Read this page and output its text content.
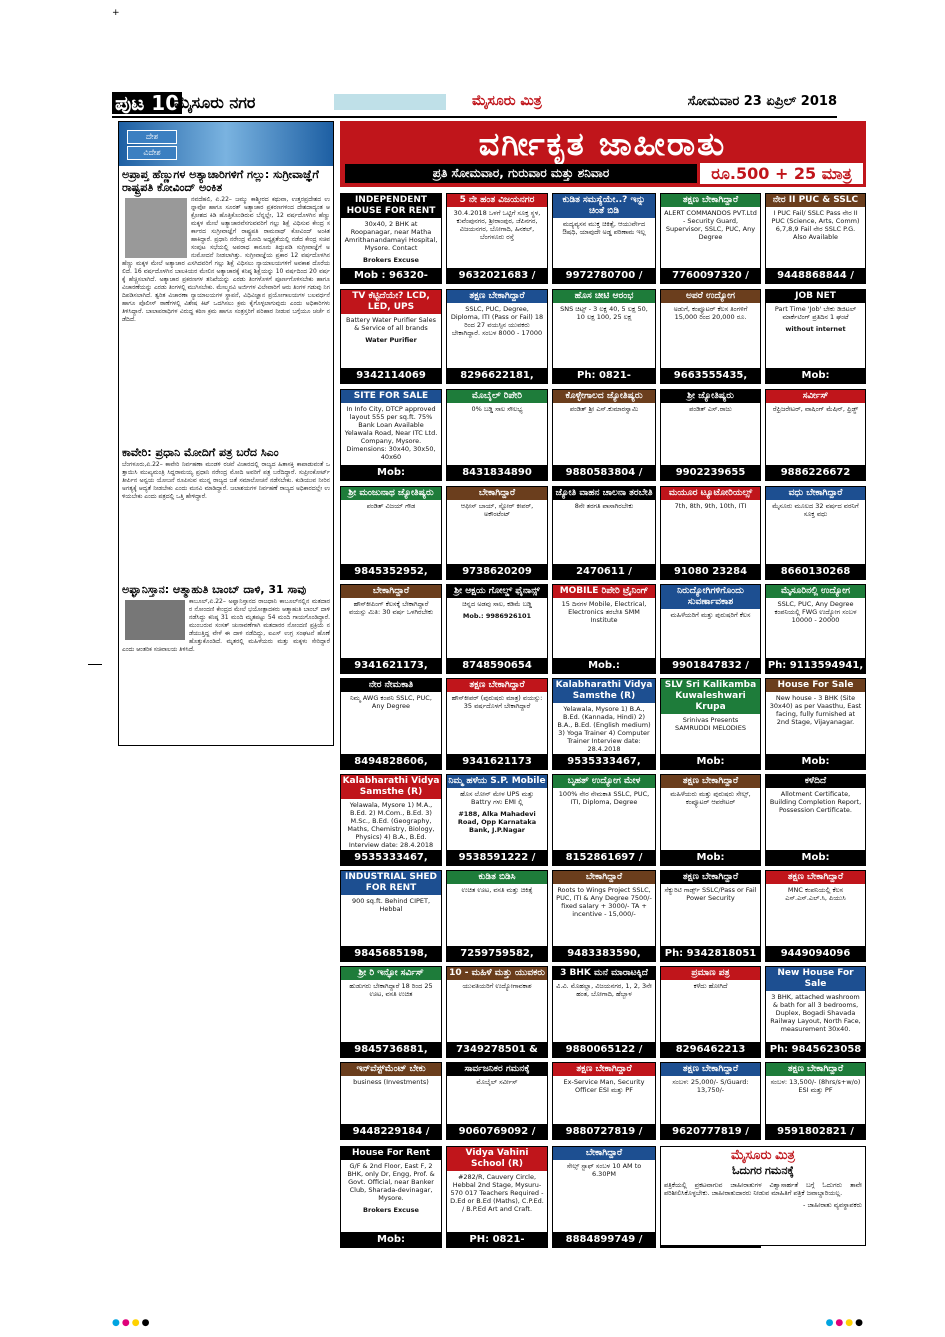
+
ಪುಟ 10
ಮೈಸೂರು ನಗರ	ಮೈಸೂರು ಮಿತ್ರ	ಸೋಮವಾರ 23 ಏಪ್ರಿಲ್ 2018
ದೇಶ
ವಿದೇಶ
ಅಪ್ರಾಪ್ತ ಹೆಣ್ಣುಗಳ ಅತ್ಯಾಚಾರಿಗಳಿಗೆ ಗಲ್ಲು: ಸುಗ್ರೀವಾಜ್ಞೆಗೆ ರಾಷ್ಟ್ರಪತಿ ಕೋವಿಂದ್ ಅಂಕಿತ
ನವದೆಹಲಿ, ಏ.22– ಜಮ್ಮು ಕಾಶ್ಮೀರದ ಕಥುವಾ, ಉತ್ತರಪ್ರದೇಶದ ಉನ್ನಾವೋ ಹಾಗೂ ಸೂರತ್ ಅತ್ಯಾಚಾರ ಪ್ರಕರಣಗಳಿಂದ ದೇಶದಾದ್ಯಂತ ಆಕ್ರೋಶದ ಕಿಡಿ ಹೊತ್ತಿಕೊಂಡಿರುವ ಬೆನ್ನಲ್ಲೇ, 12 ವರ್ಷದೊಳಗಿನ ಹೆಣ್ಣು ಮಕ್ಕಳ ಮೇಲೆ ಅತ್ಯಾಚಾರವೆಸಗುವವರಿಗೆ ಗಲ್ಲು ಶಿಕ್ಷೆ ವಿಧಿಸುವ ಕೇಂದ್ರ ಸರ್ಕಾರದ ಸುಗ್ರೀವಾಜ್ಞೆಗೆ ರಾಷ್ಟ್ರಪತಿ ರಾಮನಾಥ್ ಕೋವಿಂದ್ ಅಂಕಿತ ಹಾಕಿದ್ದಾರೆ. ಪ್ರಧಾನಿ ನರೇಂದ್ರ ಮೋದಿ ಅಧ್ಯಕ್ಷತೆಯಲ್ಲಿ ನಡೆದ ಕೇಂದ್ರ ಸಚಿವ ಸಂಪುಟ ಸಭೆಯಲ್ಲಿ ಅಪರಾಧ ಕಾನೂನು ತಿದ್ದುಪಡಿ ಸುಗ್ರೀವಾಜ್ಞೆಗೆ ಅನುಮೋದನೆ ನೀಡಲಾಗಿತ್ತು. ಸುಗ್ರೀವಾಜ್ಞೆಯ ಪ್ರಕಾರ 12 ವರ್ಷದೊಳಗಿನ ಹೆಣ್ಣು ಮಕ್ಕಳ ಮೇಲೆ ಅತ್ಯಾಚಾರ ಎಸಗಿದವರಿಗೆ ಗಲ್ಲು ಶಿಕ್ಷೆ ವಿಧಿಸಲು ನ್ಯಾಯಾಲಯಗಳಿಗೆ ಅವಕಾಶ ದೊರೆಯಲಿದೆ. 16 ವರ್ಷದೊಳಗಿನ ಬಾಲಕಿಯರ ಮೇಲಿನ ಅತ್ಯಾಚಾರಕ್ಕೆ ಕನಿಷ್ಠ ಶಿಕ್ಷೆಯನ್ನು 10 ವರ್ಷದಿಂದ 20 ವರ್ಷಕ್ಕೆ ಹೆಚ್ಚಿಸಲಾಗಿದೆ. ಅತ್ಯಾಚಾರ ಪ್ರಕರಣಗಳ ತನಿಖೆಯನ್ನು ಎರಡು ತಿಂಗಳೊಳಗೆ ಪೂರ್ಣಗೊಳಿಸಬೇಕು ಹಾಗೂ ವಿಚಾರಣೆಯನ್ನು ಎರಡು ತಿಂಗಳಲ್ಲಿ ಮುಗಿಸಬೇಕು. ಮೇಲ್ಮನವಿ ಅರ್ಜಿಗಳ ವಿಲೇವಾರಿಗೆ ಆರು ತಿಂಗಳ ಗಡುವು ನಿಗದಿಪಡಿಸಲಾಗಿದೆ. ತ್ವರಿತ ವಿಚಾರಣಾ ನ್ಯಾಯಾಲಯಗಳ ಸ್ಥಾಪನೆ, ವಿಧಿವಿಜ್ಞಾನ ಪ್ರಯೋಗಾಲಯಗಳ ಬಲವರ್ಧನೆ ಹಾಗೂ ಪೊಲೀಸ್ ಠಾಣೆಗಳಲ್ಲಿ ವಿಶೇಷ ಕಿಟ್ ಒದಗಿಸಲು ಕ್ರಮ ಕೈಗೊಳ್ಳಲಾಗುವುದು ಎಂದು ಅಧಿಕಾರಿಗಳು ತಿಳಿಸಿದ್ದಾರೆ. ಬಾಲಾಪರಾಧಿಗಳ ವಿರುದ್ಧ ಕಠಿಣ ಕ್ರಮ ಹಾಗೂ ಸಂತ್ರಸ್ತರಿಗೆ ಪರಿಹಾರ ನೀಡುವ ಬಗ್ಗೆಯೂ ಚರ್ಚೆ ನಡೆದಿದೆ.
ಕಾವೇರಿ: ಪ್ರಧಾನಿ ಮೋದಿಗೆ ಪತ್ರ ಬರೆದ ಸಿಎಂ
ಬೆಂಗಳೂರು,ಏ.22– ಕಾವೇರಿ ನಿರ್ವಹಣಾ ಮಂಡಳಿ ರಚನೆ ವಿಚಾರದಲ್ಲಿ ರಾಜ್ಯದ ಹಿತಾಸಕ್ತಿ ಕಾಪಾಡುವಂತೆ ಒತ್ತಾಯಿಸಿ ಮುಖ್ಯಮಂತ್ರಿ ಸಿದ್ದರಾಮಯ್ಯ ಪ್ರಧಾನಿ ನರೇಂದ್ರ ಮೋದಿ ಅವರಿಗೆ ಪತ್ರ ಬರೆದಿದ್ದಾರೆ. ಸುಪ್ರೀಂಕೋರ್ಟ್ ತೀರ್ಪಿನ ಅನ್ವಯ ಯೋಜನೆ ರೂಪಿಸುವ ಮುನ್ನ ರಾಜ್ಯದ ಜತೆ ಸಮಾಲೋಚನೆ ನಡೆಸಬೇಕು. ಕುಡಿಯುವ ನೀರಿನ ಅಗತ್ಯಕ್ಕೆ ಆದ್ಯತೆ ನೀಡಬೇಕು ಎಂದು ಮನವಿ ಮಾಡಿದ್ದಾರೆ. ಜಲಾಶಯಗಳ ನಿರ್ವಹಣೆ ರಾಜ್ಯದ ಅಧಿಕಾರದಲ್ಲೇ ಉಳಿಯಬೇಕು ಎಂದು ಪತ್ರದಲ್ಲಿ ಒತ್ತಿ ಹೇಳಿದ್ದಾರೆ.
ಅಫ್ಘಾನಿಸ್ತಾನ: ಆತ್ಮಾಹುತಿ ಬಾಂಬ್ ದಾಳಿ, 31 ಸಾವು
ಕಾಬೂಲ್,ಏ.22– ಅಫ್ಘಾನಿಸ್ತಾನದ ರಾಜಧಾನಿ ಕಾಬೂಲ್‌ನಲ್ಲಿನ ಮತದಾರರ ನೋಂದಣಿ ಕೇಂದ್ರದ ಮೇಲೆ ಭಯೋತ್ಪಾದಕರು ಆತ್ಮಾಹುತಿ ಬಾಂಬ್ ದಾಳಿ ನಡೆಸಿದ್ದು ಕನಿಷ್ಠ 31 ಮಂದಿ ಮೃತಪಟ್ಟು 54 ಮಂದಿ ಗಾಯಗೊಂಡಿದ್ದಾರೆ. ಮುಂಬರುವ ಸಂಸತ್ ಚುನಾವಣೆಗಾಗಿ ಮತದಾರರ ನೋಂದಣಿ ಪ್ರಕ್ರಿಯೆ ನಡೆಯುತ್ತಿದ್ದ ವೇಳೆ ಈ ದಾಳಿ ನಡೆದಿದ್ದು, ಐಎಸ್ ಉಗ್ರ ಸಂಘಟನೆ ಹೊಣೆ ಹೊತ್ತುಕೊಂಡಿದೆ. ಮೃತರಲ್ಲಿ ಮಹಿಳೆಯರು ಮತ್ತು ಮಕ್ಕಳು ಸೇರಿದ್ದಾರೆ ಎಂದು ಆಂತರಿಕ ಸಚಿವಾಲಯ ತಿಳಿಸಿದೆ.
ವರ್ಗೀಕೃತ ಜಾಹೀರಾತು
ಪ್ರತಿ ಸೋಮವಾರ, ಗುರುವಾರ ಮತ್ತು ಶನಿವಾರ	ರೂ.500 + 25 ಮಾತ್ರ
INDEPENDENT HOUSE FOR RENT
30x40, 2 BHK at Roopanagar, near Matha Amrithanandamayi Hospital, Mysore. Contact
Brokers Excuse
Mob : 96320-
5 ನೇ ಹಂತ ವಿಜಯನಗರ
30.4.2018 ಒಳಗೆ ಒಟ್ಟಿಗೆ ಸೂಕ್ತ ಸ್ಥಳ, ಕುವೆಂಪುನಗರ, ಶ್ರೀರಾಂಪುರ, ಜೆಪಿನಗರ, ವಿಜಯನಗರ, ಬೋಗಾದಿ, ಹಿನಕಲ್, ಬೆಂಗಳೂರು ರಸ್ತೆ
9632021683 /
ಕುಡಿತ ಸಮಸ್ಯೆಯೇ..? ಇನ್ನು ಚಿಂತೆ ಬಿಡಿ
ಮದ್ಯವ್ಯಸನ ಮುಕ್ತ ಚಿಕಿತ್ಸೆ, ಆಯುರ್ವೇದ ಔಷಧಿ, ಯಾವುದೇ ಅಡ್ಡ ಪರಿಣಾಮ ಇಲ್ಲ
9972780700 /
ತಕ್ಷಣ ಬೇಕಾಗಿದ್ದಾರೆ
ALERT COMMANDOS PVT.Ltd - Security Guard, Supervisor, SSLC, PUC, Any Degree
7760097320 /
ನೇರ II PUC & SSLC
I PUC Fail/ SSLC Pass ನೇರ II PUC (Science, Arts, Comm) 6,7,8,9 Fail ನೇರ SSLC P.G. Also Available
9448868844 /
TV ಕೆಟ್ಟಿದೆಯೇ? LCD, LED, UPS
Battery Water Purifier Sales & Service of all brands
Water Purifier
9342114069
ತಕ್ಷಣ ಬೇಕಾಗಿದ್ದಾರೆ
SSLC, PUC, Degree, Diploma, ITI (Pass or Fail) 18 ರಿಂದ 27 ವಯಸ್ಸಿನ ಯುವಕರು ಬೇಕಾಗಿದ್ದಾರೆ. ಸಂಬಳ 8000 - 17000
8296622181,
ಹೊಸ ಚೀಟಿ ಆರಂಭ
SNS ಚಿಟ್ಸ್ - 3 ಲಕ್ಷ 40, 5 ಲಕ್ಷ 50, 10 ಲಕ್ಷ 100, 25 ಲಕ್ಷ
Ph: 0821-
ಅಪರೆ ಉದ್ಯೋಗ
ಅಡುಗೆ, ಕಂಪ್ಯೂಟರ್ ಕೆಲಸ ತಿಂಗಳಿಗೆ 15,000 ರಿಂದ 20,000 ರೂ.
9663555435,
JOB NET
Part Time 'Job' ಬೇಕು ಡಿಜಿಟಲ್ ಮಾರ್ಕೆಟಿಂಗ್ ಪ್ರತಿದಿನ 1 ಘಂಟೆ
without internet
Mob:
SITE FOR SALE
In Info City, DTCP approved layout 555 per sq.ft. 75% Bank Loan Available Yelawala Road, Near ITC Ltd. Company, Mysore. Dimensions: 30x40, 30x50, 40x60
Mob:
ಮೊಬೈಲ್ ರಿಪೇರಿ
0% ಬಡ್ಡಿ ಸಾಲ ಸೌಲಭ್ಯ
8431834890
ಕೊಳ್ಳೇಗಾಲದ ಜ್ಯೋತಿಷ್ಯರು
ಪಂಡಿತ್ ಶ್ರೀ ಎಸ್.ಕುಮಾರಸ್ವಾಮಿ
9880583804 /
ಶ್ರೀ ಜ್ಯೋತಿಷ್ಯರು
ಪಂಡಿತ್ ಎಸ್.ರಾಜು
9902239655
ಸರ್ವೀಸ್
ರೆಫ್ರಿಜರೇಟರ್, ವಾಷಿಂಗ್ ಮೆಷಿನ್, ಫ್ರಿಡ್ಜ್
9886226672
ಶ್ರೀ ಮಂಜುನಾಥ ಜ್ಯೋತಿಷ್ಯರು
ಪಂಡಿತ್ ವಿಜಯ್ ಗೌಡ
9845352952,
ಬೇಕಾಗಿದ್ದಾರೆ
ಆಫೀಸ್ ಬಾಯ್, ಸ್ಟೋರ್ ಕೀಪರ್, ಅಕೌಂಟೆಂಟ್
9738620209
ಜ್ಯೋತಿ ವಾಹನ ಚಾಲನಾ ತರಬೇತಿ
8ನೇ ತರಗತಿ ಪಾಸಾಗಿರಬೇಕು
2470611 /
ಮಯೂರ ಟ್ಯೂಟೋರಿಯಲ್ಸ್
7th, 8th, 9th, 10th, ITI
91080 23284
ವಧು ಬೇಕಾಗಿದ್ದಾರೆ
ಮೈಸೂರು ಮೂಲದ 32 ವರ್ಷದ ವರನಿಗೆ ಸೂಕ್ತ ವಧು
8660130268
ಬೇಕಾಗಿದ್ದಾರೆ
ಹೌಸ್‌ಕೀಪಿಂಗ್ ಕೆಲಸಕ್ಕೆ ಬೇಕಾಗಿದ್ದಾರೆ ವಯಸ್ಸು ಮಿತಿ: 30 ವರ್ಷ ಒಳಗಿರಬೇಕು
9341621173,
ಶ್ರೀ ಆಕ್ಷಯ ಗೋಲ್ಡ್ ಫೈನಾನ್ಸ್
ಚಿನ್ನದ ಅಡವು ಸಾಲ, ಕಡಿಮೆ ಬಡ್ಡಿ
Mob.: 9986926101
8748590654
MOBILE ರಿಪೇರಿ ಟ್ರೈನಿಂಗ್
15 ದಿನಗಳ Mobile, Electrical, Electronics ತರಬೇತಿ SMM Institute
Mob.:
ನಿರುದ್ಯೋಗಿಗಳಿಗೊಂದು ಸುವರ್ಣಾವಕಾಶ
ಮಹಿಳೆಯರಿಗೆ ಮತ್ತು ಪುರುಷರಿಗೆ ಕೆಲಸ
9901847832 /
ಮೈಸೂರಿನಲ್ಲಿ ಉದ್ಯೋಗ
SSLC, PUC, Any Degree ಕಂಪನಿಯಲ್ಲಿ FWG ಉದ್ಯೋಗ ಸಂಬಳ 10000 - 20000
Ph: 9113594941,
ನೇರ ನೇಮಕಾತಿ
ನಿಮ್ಮ AWG ಕಂಪನಿ SSLC, PUC, Any Degree
8494828606,
ತಕ್ಷಣ ಬೇಕಾಗಿದ್ದಾರೆ
ಹೌಸ್‌ಕೀಪರ್ (ಪುರುಷರು ಮಾತ್ರ) ವಯಸ್ಸು: 35 ವರ್ಷದೊಳಗೆ ಬೇಕಾಗಿದ್ದಾರೆ
9341621173
Kalabharathi Vidya Samsthe (R)
Yelawala, Mysore 1) B.A., B.Ed. (Kannada, Hindi) 2) B.A., B.Ed. (English medium) 3) Yoga Trainer 4) Computer Trainer Interview date: 28.4.2018
9535333467,
SLV Sri Kalikamba Kuwaleshwari Krupa
Srinivas Presents SAMRUDDI MELODIES
Mob:
House For Sale
New house - 3 BHK (Site 30x40) as per Vaasthu, East facing, fully furnished at 2nd Stage, Vijayanagar.
Mob:
Kalabharathi Vidya Samsthe (R)
Yelawala, Mysore 1) M.A., B.Ed. 2) M.Com., B.Ed. 3) M.Sc., B.Ed. (Geography, Maths, Chemistry, Biology, Physics) 4) B.A., B.Ed. Interview date: 28.4.2018
9535333467,
ನಿಮ್ಮ ಹಳೆಯ S.P. Mobile
ಹೊಸ ಲೋನ್ ಮೇಳ UPS ಮತ್ತು Battry ಗಳು EMI ಲ್ಲಿ
#188, Alka Mahadevi Road, Opp Karnataka Bank, J.P.Nagar
9538591222 /
ಬೃಹತ್ ಉದ್ಯೋಗ ಮೇಳ
100% ನೇರ ನೇಮಕಾತಿ SSLC, PUC, ITI, Diploma, Degree
8152861697 /
ತಕ್ಷಣ ಬೇಕಾಗಿದ್ದಾರೆ
ಮಹಿಳೆಯರು ಮತ್ತು ಪುರುಷರು ಸೇಲ್ಸ್, ಕಂಪ್ಯೂಟರ್ ಆಪರೇಟರ್
Mob:
ಕಳೆದಿದೆ
Allotment Certificate, Building Completion Report, Possession Certificate.
Mob:
INDUSTRIAL SHED FOR RENT
900 sq.ft. Behind CIPET, Hebbal
9845685198,
ಕುಡಿತ ಬಿಡಿಸಿ
ಉಚಿತ ಊಟ, ವಸತಿ ಮತ್ತು ಚಿಕಿತ್ಸೆ
7259759582,
ಬೇಕಾಗಿದ್ದಾರೆ
Roots to Wings Project SSLC, PUC, ITI & Any Degree 7500/- fixed salary + 3000/- TA + incentive - 15,000/-
9483383590,
ತಕ್ಷಣ ಬೇಕಾಗಿದ್ದಾರೆ
ಸೆಕ್ಯುರಿಟಿ ಗಾರ್ಡ್ಸ್ SSLC/Pass or Fail Power Security
Ph: 9342818051
ತಕ್ಷಣ ಬೇಕಾಗಿದ್ದಾರೆ
MNC ಕಂಪನಿಯಲ್ಲಿ ಕೆಲಸ ಎಸ್.ಎಸ್.ಎಲ್.ಸಿ, ಪಿಯುಸಿ
9449094096
ಶ್ರೀ ರಿ ಇನ್ಫೋ ಸರ್ವಿಸ್
ಹುಡುಗರು ಬೇಕಾಗಿದ್ದಾರೆ 18 ರಿಂದ 25 ಊಟ, ವಸತಿ ಉಚಿತ
9845736881,
10 - ಮಹಿಳೆ ಮತ್ತು ಯುವಕರು
ಯುವತಿಯರಿಗೆ ಉದ್ಯೋಗಾವಕಾಶ
7349278501 &
3 BHK ಮನೆ ಮಾರಾಟಕ್ಕಿದೆ
ವಿ.ವಿ. ಮೊಹಲ್ಲಾ, ವಿಜಯನಗರ, 1, 2, 3ನೇ ಹಂತ, ಬೋಗಾದಿ, ಹೆಬ್ಬಾಳ
9880065122 /
ಪ್ರಮಾಣ ಪತ್ರ
ಕಳೆದು ಹೋಗಿದೆ
8296462213
New House For Sale
3 BHK, attached washroom & bath for all 3 bedrooms, Duplex, Bogadi Shavada Railway Layout, North Face, measurement 30x40.
Ph: 9845623058
ಇನ್‌ವೆಸ್ಟ್‌ಮೆಂಟ್ ಬೇಕು
business (Investments)
9448229184 /
ಸಾರ್ವಜನಿಕರ ಗಮನಕ್ಕೆ
ಮೊಬೈಲ್ ಸರ್ವೀಸ್
9060769092 /
ತಕ್ಷಣ ಬೇಕಾಗಿದ್ದಾರೆ
Ex-Service Man, Security Officer ESI ಮತ್ತು PF
9880727819 /
ತಕ್ಷಣ ಬೇಕಾಗಿದ್ದಾರೆ
ಸಂಬಳ: 25,000/- S/Guard: 13,750/-
9620777819 /
ತಕ್ಷಣ ಬೇಕಾಗಿದ್ದಾರೆ
ಸಂಬಳ: 13,500/- (8hrs/s+w/o) ESI ಮತ್ತು PF
9591802821 /
House For Rent
G/F & 2nd Floor, East F, 2 BHK, only Dr, Engg, Prof. & Govt. Official, near Banker Club, Sharada-devinagar, Mysore.
Brokers Excuse
Mob:
Vidya Vahini School (R)
#282/R, Cauvery Circle, Hebbal 2nd Stage, Mysuru-570 017 Teachers Required - D.Ed or B.Ed (Maths), C.P.Ed. / B.P.Ed Art and Craft.
PH: 0821-
ಬೇಕಾಗಿದ್ದಾರೆ
ಸೇಲ್ಸ್ ಸ್ಟಾಫ್ ಸಂಬಳ 10 AM to 6.30PM
8884899749 /
ಮೈಸೂರು ಮಿತ್ರ
ಓದುಗರ ಗಮನಕ್ಕೆ
ಪತ್ರಿಕೆಯಲ್ಲಿ ಪ್ರಕಟವಾಗುವ ಜಾಹೀರಾತುಗಳ ವಿಶ್ವಾಸಾರ್ಹತೆ ಬಗ್ಗೆ ಓದುಗರು ತಾವೇ ಪರಿಶೀಲಿಸಿಕೊಳ್ಳಬೇಕು. ಜಾಹೀರಾತುದಾರರು ನೀಡುವ ಮಾಹಿತಿಗೆ ಪತ್ರಿಕೆ ಜವಾಬ್ದಾರಿಯಲ್ಲ.
- ಜಾಹೀರಾತು ವ್ಯವಸ್ಥಾಪಕರು
●●●●	●●●●
